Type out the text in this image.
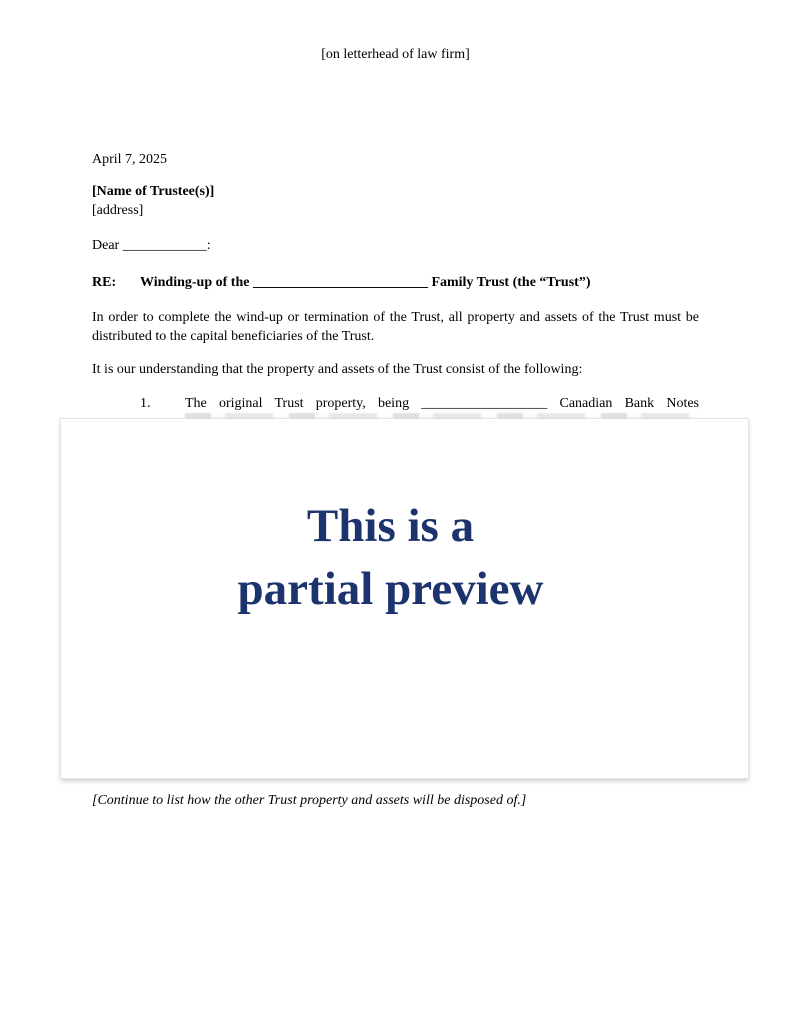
[on letterhead of law firm]
April 7, 2025
[Name of Trustee(s)]
[address]
Dear ____________:
RE:	Winding-up of the _________________________ Family Trust (the “Trust”)

In order to complete the wind-up or termination of the Trust, all property and assets of the Trust must be distributed to the capital beneficiaries of the Trust.

It is our understanding that the property and assets of the Trust consist of the following:

1.	The original Trust property, being __________________ Canadian Bank Notes
This is a
partial preview
[Continue to list how the other Trust property and assets will be disposed of.]
